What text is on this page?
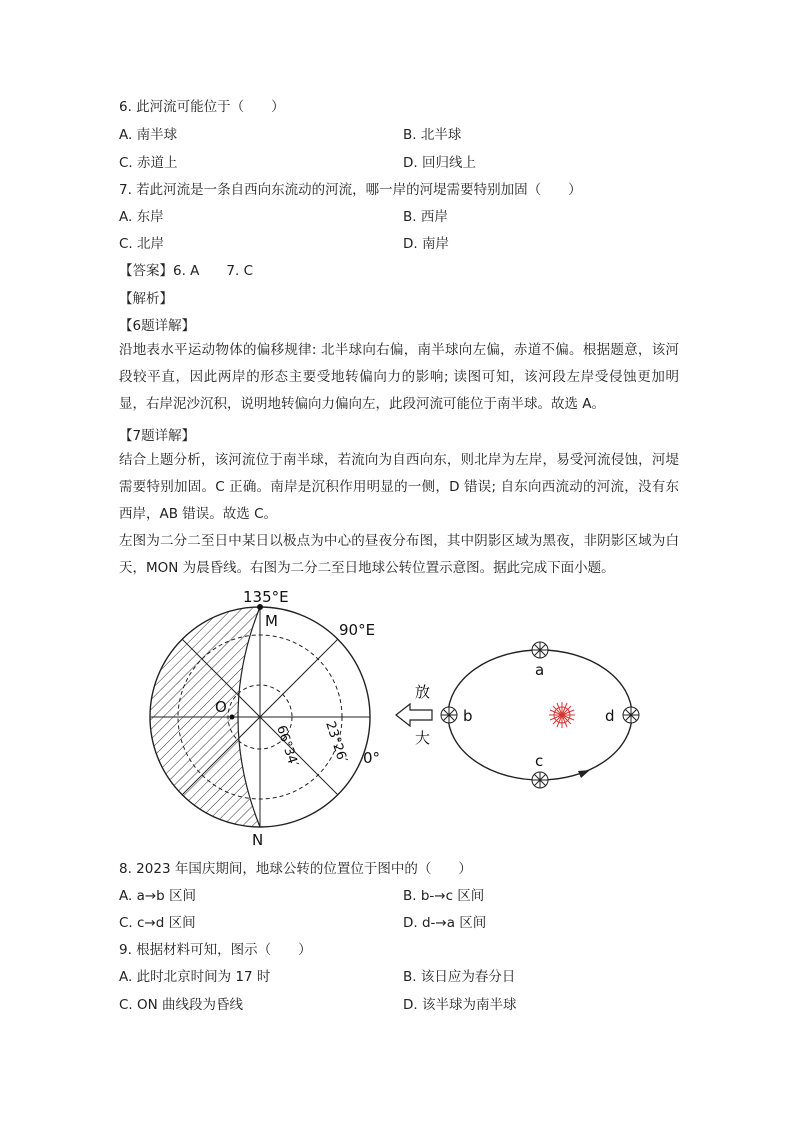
6. 此河流可能位于（　　）
A. 南半球	B. 北半球
C. 赤道上	D. 回归线上
7. 若此河流是一条自西向东流动的河流，哪一岸的河堤需要特别加固（　　）
A. 东岸	B. 西岸
C. 北岸	D. 南岸
【答案】6. A　　7. C
【解析】
【6题详解】
沿地表水平运动物体的偏移规律: 北半球向右偏，南半球向左偏，赤道不偏。根据题意，该河段较平直，因此两岸的形态主要受地转偏向力的影响; 读图可知，该河段左岸受侵蚀更加明显，右岸泥沙沉积，说明地转偏向力偏向左，此段河流可能位于南半球。故选 A。
【7题详解】
结合上题分析，该河流位于南半球，若流向为自西向东，则北岸为左岸，易受河流侵蚀，河堤需要特别加固。C 正确。南岸是沉积作用明显的一侧，D 错误; 自东向西流动的河流，没有东西岸，AB 错误。故选 C。
左图为二分二至日中某日以极点为中心的昼夜分布图，其中阴影区域为黑夜，非阴影区域为白天，MON 为晨昏线。右图为二分二至日地球公转位置示意图。据此完成下面小题。
135°E
90°E
0°
M
N
O
66°34′ 23°26′
放
大
a
b
c
d
8. 2023 年国庆期间，地球公转的位置位于图中的（　　）
A. a→b 区间	B. b-→c 区间
C. c→d 区间	D. d-→a 区间
9. 根据材料可知，图示（　　）
A. 此时北京时间为 17 时	B. 该日应为春分日
C. ON 曲线段为昏线	D. 该半球为南半球
